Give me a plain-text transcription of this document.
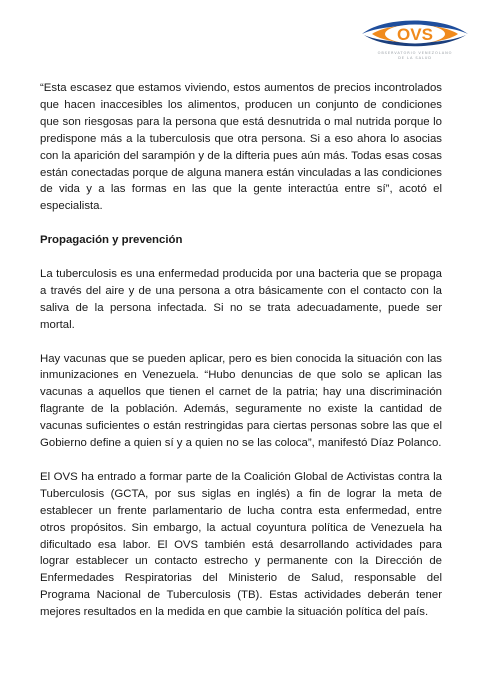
OVS
OBSERVATORIO VENEZOLANO
DE LA SALUD

“Esta escasez que estamos viviendo, estos aumentos de precios incontrolados que hacen inaccesibles los alimentos, producen un conjunto de condiciones que son riesgosas para la persona que está desnutrida o mal nutrida porque lo predispone más a la tuberculosis que otra persona. Si a eso ahora lo asocias con la aparición del sarampión y de la difteria pues aún más. Todas esas cosas están conectadas porque de alguna manera están vinculadas a las condiciones de vida y a las formas en las que la gente interactúa entre sí”, acotó el especialista.

Propagación y prevención

La tuberculosis es una enfermedad producida por una bacteria que se propaga a través del aire y de una persona a otra básicamente con el contacto con la saliva de la persona infectada. Si no se trata adecuadamente, puede ser mortal.

Hay vacunas que se pueden aplicar, pero es bien conocida la situación con las inmunizaciones en Venezuela. “Hubo denuncias de que solo se aplican las vacunas a aquellos que tienen el carnet de la patria; hay una discriminación flagrante de la población. Además, seguramente no existe la cantidad de vacunas suficientes o están restringidas para ciertas personas sobre las que el Gobierno define a quien sí y a quien no se las coloca”, manifestó Díaz Polanco.

El OVS ha entrado a formar parte de la Coalición Global de Activistas contra la Tuberculosis (GCTA, por sus siglas en inglés) a fin de lograr la meta de establecer un frente parlamentario de lucha contra esta enfermedad, entre otros propósitos. Sin embargo, la actual coyuntura política de Venezuela ha dificultado esa labor. El OVS también está desarrollando actividades para lograr establecer un contacto estrecho y permanente con la Dirección de Enfermedades Respiratorias del Ministerio de Salud, responsable del Programa Nacional de Tuberculosis (TB). Estas actividades deberán tener mejores resultados en la medida en que cambie la situación política del país.
